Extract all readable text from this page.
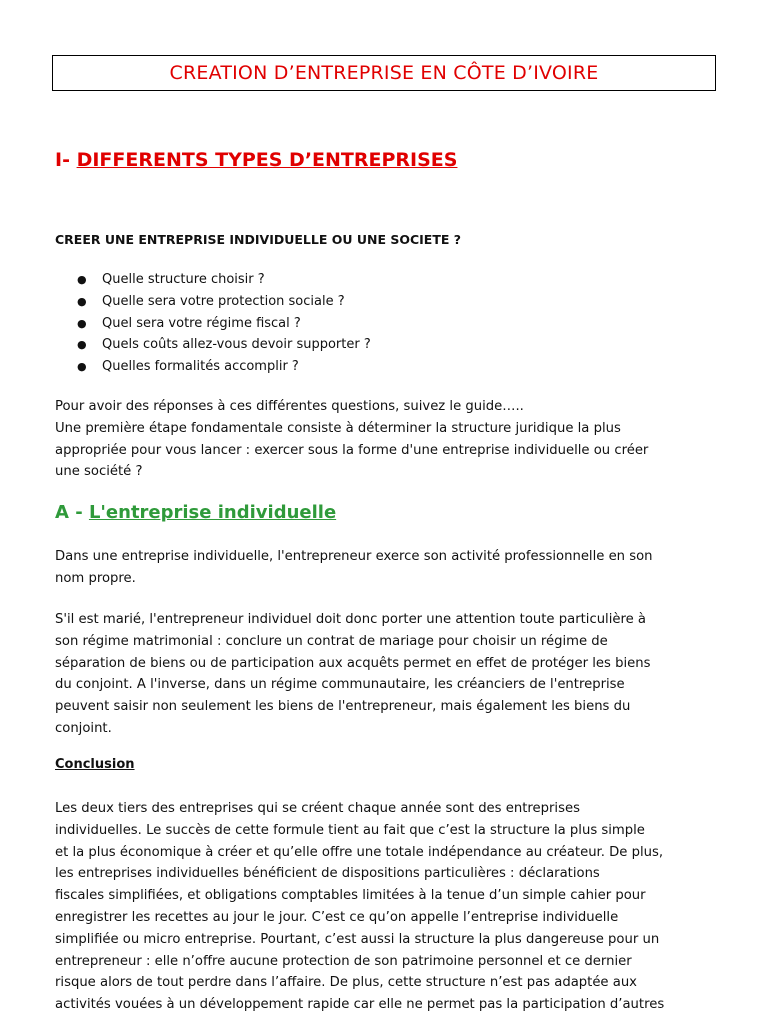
CREATION D’ENTREPRISE EN CÔTE D’IVOIRE
I- DIFFERENTS TYPES D’ENTREPRISES
CREER UNE ENTREPRISE INDIVIDUELLE OU UNE SOCIETE ?
● Quelle structure choisir ?
● Quelle sera votre protection sociale ?
● Quel sera votre régime fiscal ?
● Quels coûts allez-vous devoir supporter ?
● Quelles formalités accomplir ?

Pour avoir des réponses à ces différentes questions, suivez le guide…..
Une première étape fondamentale consiste à déterminer la structure juridique la plus
appropriée pour vous lancer : exercer sous la forme d'une entreprise individuelle ou créer
une société ?

A - L'entreprise individuelle

Dans une entreprise individuelle, l'entrepreneur exerce son activité professionnelle en son
nom propre.

S'il est marié, l'entrepreneur individuel doit donc porter une attention toute particulière à
son régime matrimonial : conclure un contrat de mariage pour choisir un régime de
séparation de biens ou de participation aux acquêts permet en effet de protéger les biens
du conjoint. A l'inverse, dans un régime communautaire, les créanciers de l'entreprise
peuvent saisir non seulement les biens de l'entrepreneur, mais également les biens du
conjoint.

Conclusion

Les deux tiers des entreprises qui se créent chaque année sont des entreprises
individuelles. Le succès de cette formule tient au fait que c’est la structure la plus simple
et la plus économique à créer et qu’elle offre une totale indépendance au créateur. De plus,
les entreprises individuelles bénéficient de dispositions particulières : déclarations
fiscales simplifiées, et obligations comptables limitées à la tenue d’un simple cahier pour
enregistrer les recettes au jour le jour. C’est ce qu’on appelle l’entreprise individuelle
simplifiée ou micro entreprise. Pourtant, c’est aussi la structure la plus dangereuse pour un
entrepreneur : elle n’offre aucune protection de son patrimoine personnel et ce dernier
risque alors de tout perdre dans l’affaire. De plus, cette structure n’est pas adaptée aux
activités vouées à un développement rapide car elle ne permet pas la participation d’autres
